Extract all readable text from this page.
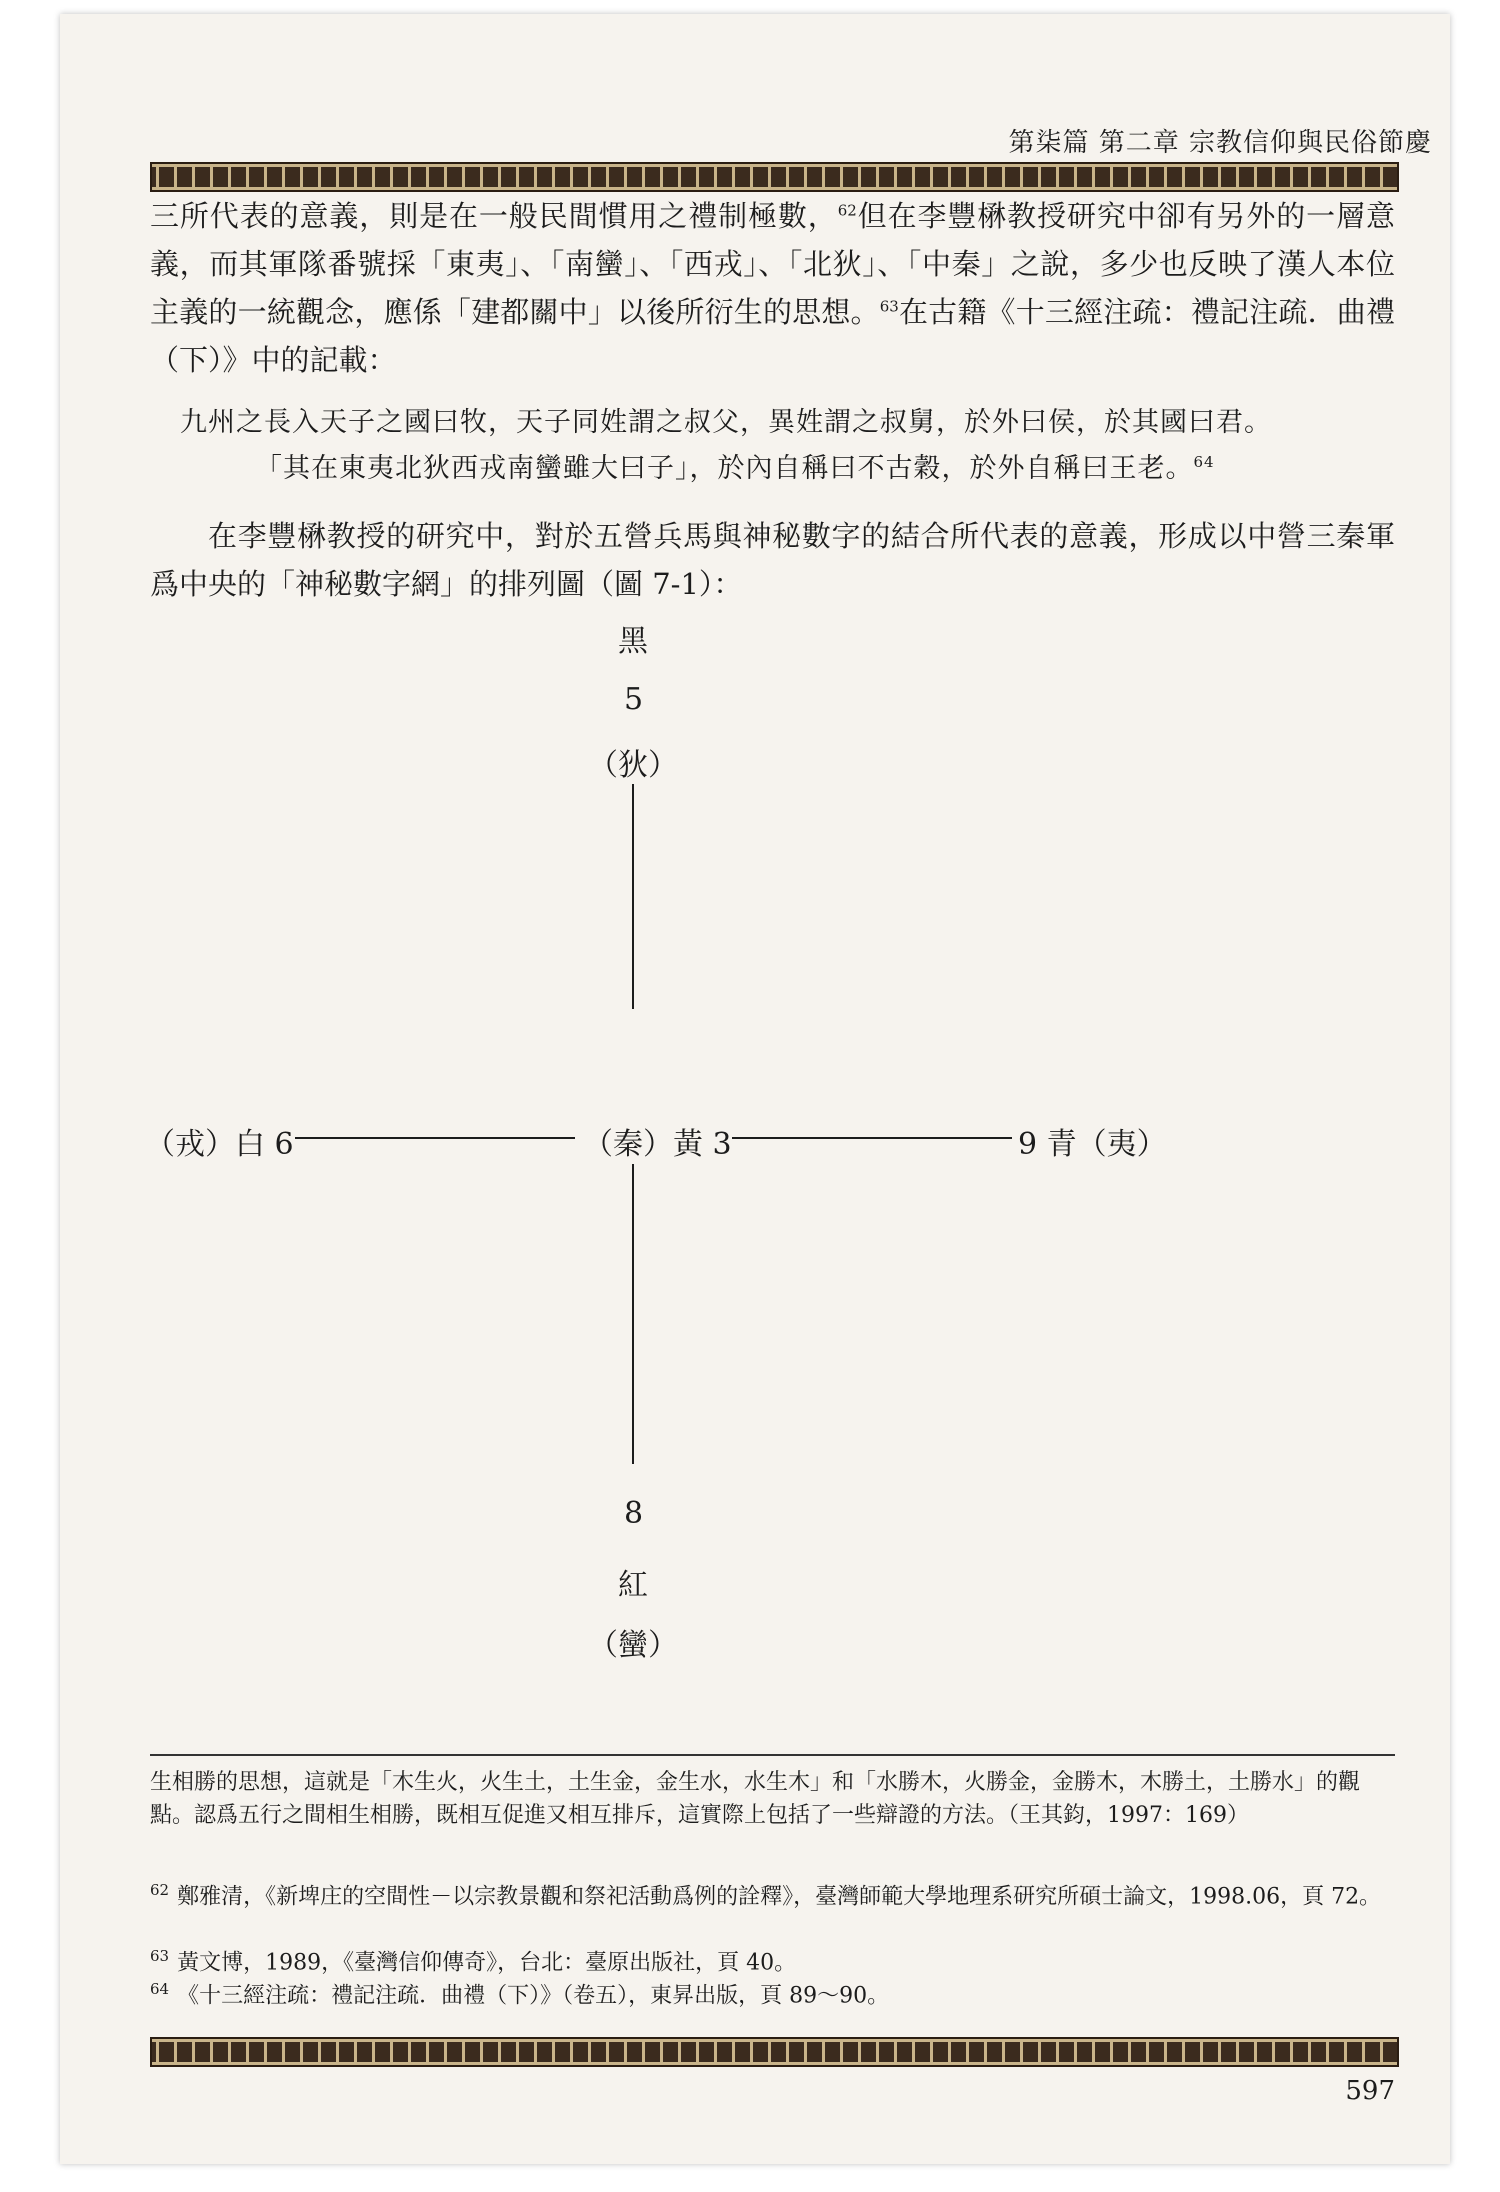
第柒篇 第二章 宗教信仰與民俗節慶

三所代表的意義，則是在一般民間慣用之禮制極數，$^{62}$但在李豐楙教授研究中卻有另外的一層意義，而其軍隊番號採「東夷」、「南蠻」、「西戎」、「北狄」、「中秦」之說，多少也反映了漢人本位主義的一統觀念，應係「建都關中」以後所衍生的思想。$^{63}$在古籍《十三經注疏：禮記注疏．曲禮（下）》中的記載：

九州之長入天子之國曰牧，天子同姓謂之叔父，異姓謂之叔舅，於外曰侯，於其國曰君。

「其在東夷北狄西戎南蠻雖大曰子」，於內自稱曰不古穀，於外自稱曰王老。$^{64}$

在李豐楙教授的研究中，對於五營兵馬與神秘數字的結合所代表的意義，形成以中營三秦軍爲中央的「神秘數字網」的排列圖（圖 7-1）：

黑
5
（狄）
（戎）白 6	（秦）黃 3	9 青（夷）
8
紅
（蠻）

生相勝的思想，這就是「木生火，火生土，土生金，金生水，水生木」和「水勝木，火勝金，金勝木，木勝土，土勝水」的觀點。認爲五行之間相生相勝，既相互促進又相互排斥，這實際上包括了一些辯證的方法。（王其鈞，1997：169）

$^{62}$ 鄭雅清，《新埤庄的空間性－以宗教景觀和祭祀活動爲例的詮釋》，臺灣師範大學地理系研究所碩士論文，1998.06，頁 72。

$^{63}$ 黃文博，1989，《臺灣信仰傳奇》，台北：臺原出版社，頁 40。

$^{64}$ 《十三經注疏：禮記注疏．曲禮（下）》（卷五），東昇出版，頁 89～90。

597
